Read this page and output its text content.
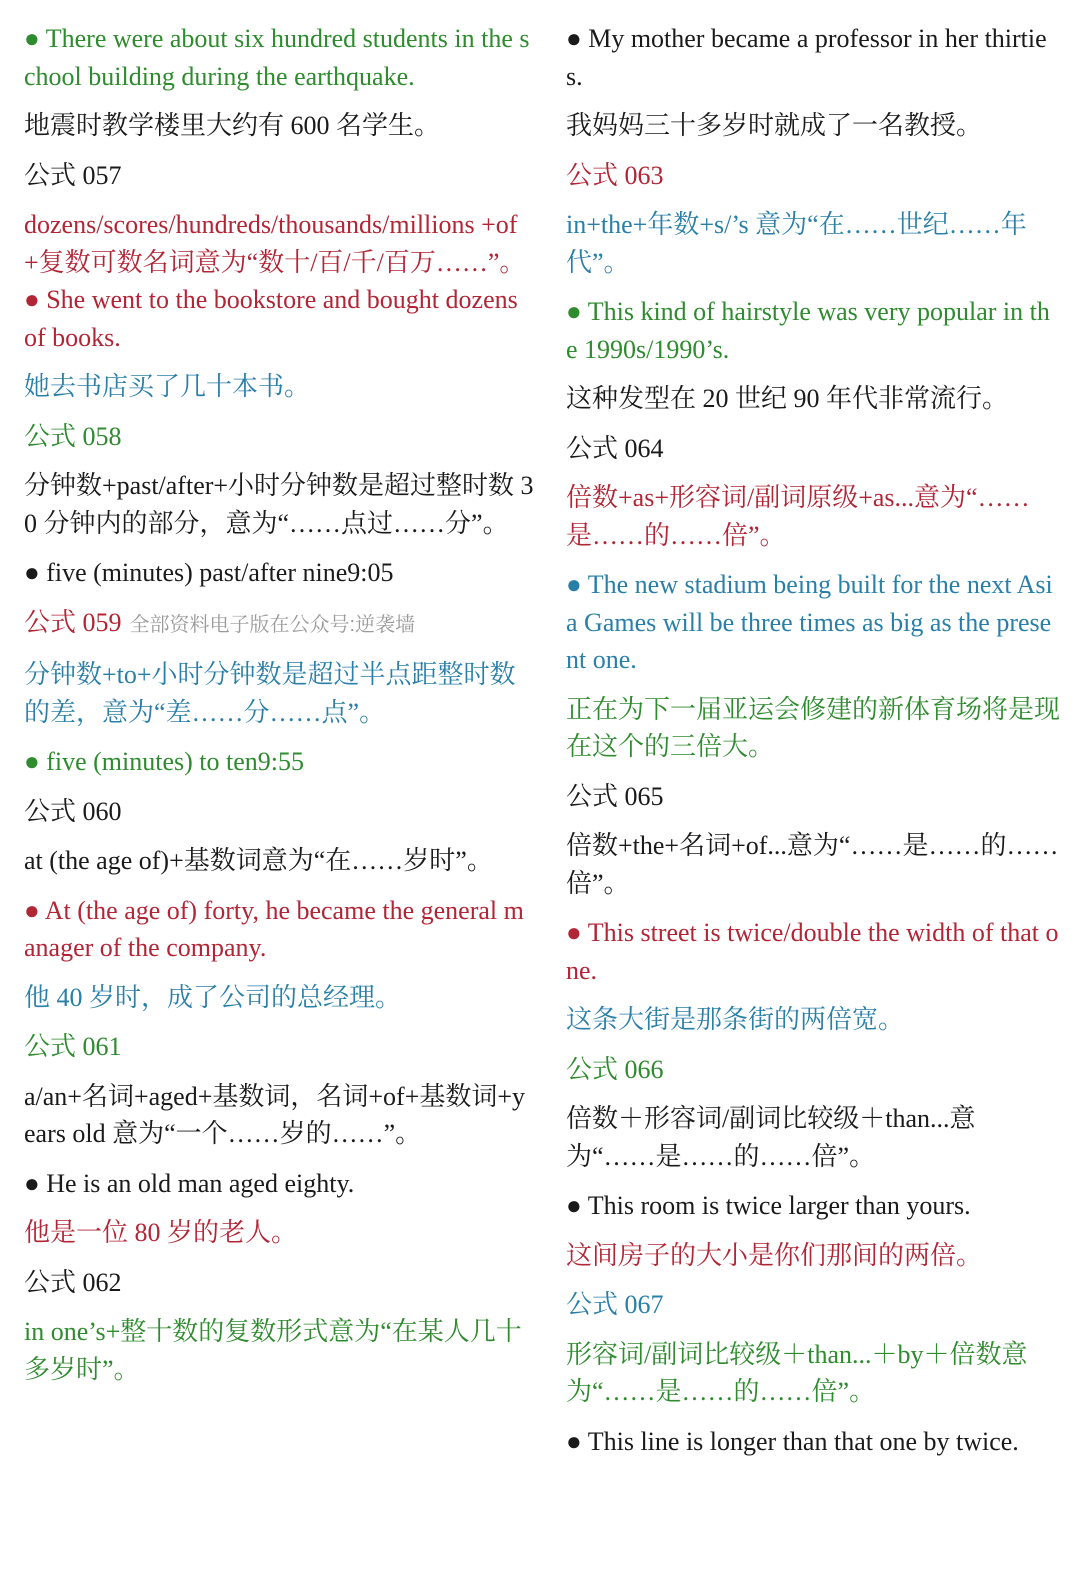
● There were about six hundred students in the school building during the earthquake.

地震时教学楼里大约有 600 名学生。

公式 057

dozens/scores/hundreds/thousands/millions +of +复数可数名词意为“数十/百/千/百万……”。● She went to the bookstore and bought dozens of books.

她去书店买了几十本书。

公式 058

分钟数+past/after+小时分钟数是超过整时数 30 分钟内的部分，意为“……点过……分”。

● five (minutes) past/after nine9:05

公式 059 全部资料电子版在公众号:逆袭墙

分钟数+to+小时分钟数是超过半点距整时数的差，意为“差……分……点”。

● five (minutes) to ten9:55

公式 060

at (the age of)+基数词意为“在……岁时”。

● At (the age of) forty, he became the general manager of the company.

他 40 岁时，成了公司的总经理。

公式 061

a/an+名词+aged+基数词，名词+of+基数词+years old 意为“一个……岁的……”。

● He is an old man aged eighty.

他是一位 80 岁的老人。

公式 062

in one’s+整十数的复数形式意为“在某人几十多岁时”。

● My mother became a professor in her thirties.

我妈妈三十多岁时就成了一名教授。

公式 063

in+the+年数+s/’s 意为“在……世纪……年代”。

● This kind of hairstyle was very popular in the 1990s/1990’s.

这种发型在 20 世纪 90 年代非常流行。

公式 064

倍数+as+形容词/副词原级+as...意为“……是……的……倍”。

● The new stadium being built for the next Asia Games will be three times as big as the present one.

正在为下一届亚运会修建的新体育场将是现在这个的三倍大。

公式 065

倍数+the+名词+of...意为“……是……的……倍”。

● This street is twice/double the width of that one.

这条大街是那条街的两倍宽。

公式 066

倍数＋形容词/副词比较级＋than...意为“……是……的……倍”。

● This room is twice larger than yours.

这间房子的大小是你们那间的两倍。

公式 067

形容词/副词比较级＋than...＋by＋倍数意为“……是……的……倍”。

● This line is longer than that one by twice.
